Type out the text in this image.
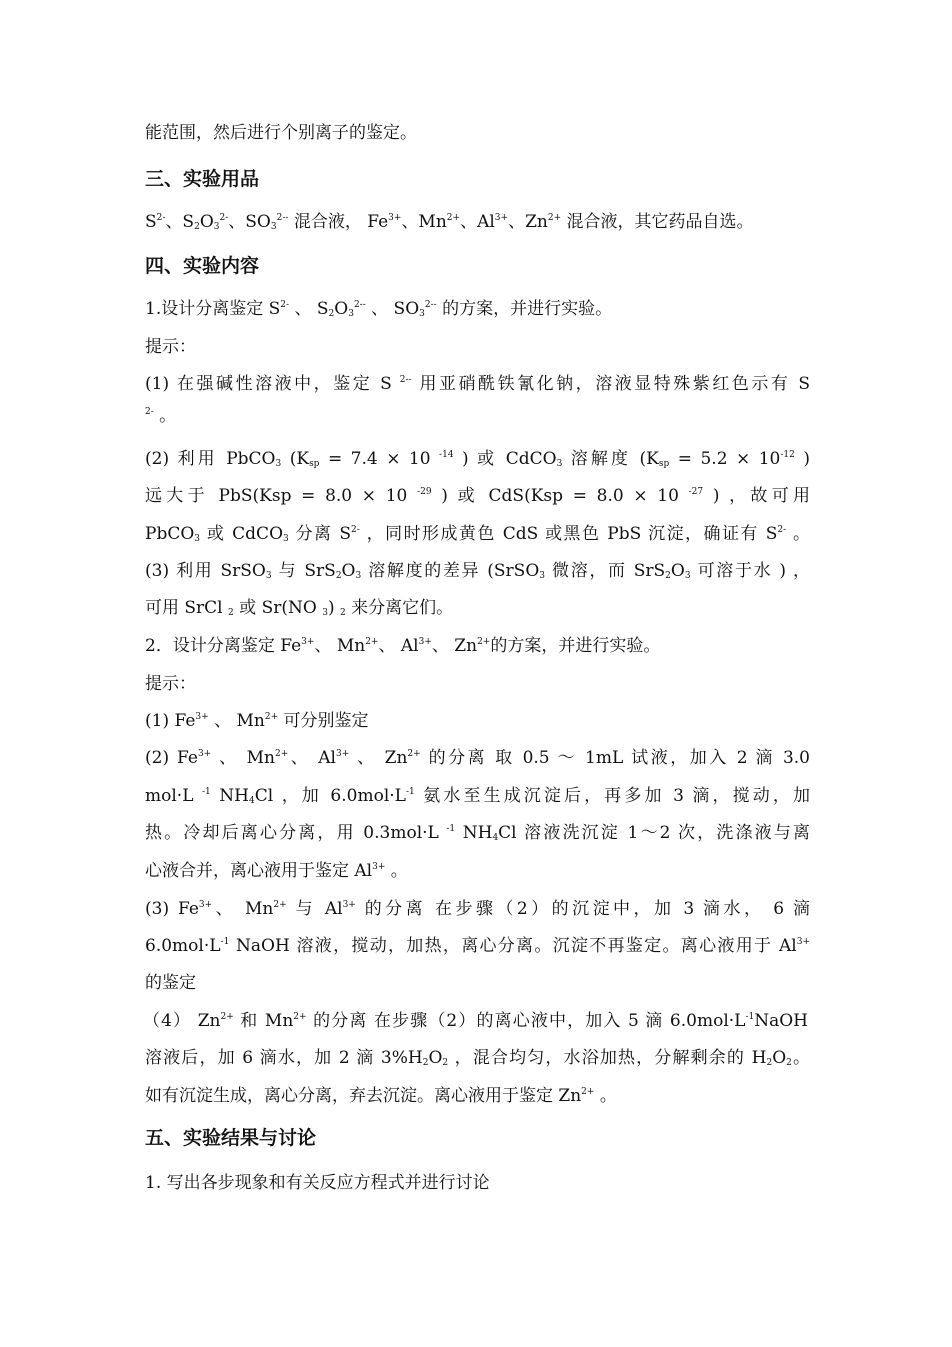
能范围，然后进行个别离子的鉴定。
三、实验用品
$S^{2-}$、$S_2O_3^{2-}$、$SO_3^{2--}$ 混合液， $Fe^{3+}$、$Mn^{2+}$、$Al^{3+}$、$Zn^{2+}$ 混合液，其它药品自选。
四、实验内容
1.设计分离鉴定 $S^{2-}$ 、 $S_2O_3^{2--}$ 、 $SO_3^{2--}$ 的方案，并进行实验。
提示：
(1) 在强碱性溶液中，鉴定 S $^{2--}$ 用亚硝酰铁氰化钠，溶液显特殊紫红色示有 S
$^{2-}$ 。
(2) 利用 PbCO$_3$ ($K_{sp} = 7.4 \times 10$ $^{-14}$ ) 或 CdCO$_3$ 溶解度 ($K_{sp} = 5.2 \times 10^{-12}$ )
远大于 PbS(Ksp = 8.0 × 10 $^{-29}$ ) 或 CdS(Ksp = 8.0 × 10 $^{-27}$ ) ，故可用
PbCO$_3$ 或 CdCO$_3$ 分离 $S^{2-}$ ，同时形成黄色 CdS 或黑色 PbS 沉淀，确证有 $S^{2-}$ 。
(3) 利用 SrSO$_3$ 与 $SrS_2O_3$ 溶解度的差异 (SrSO$_3$ 微溶，而 $SrS_2O_3$ 可溶于水 ) ，
可用 SrCl $_2$ 或 Sr(NO $_3$) $_2$ 来分离它们。
2．设计分离鉴定 $Fe^{3+}$、 $Mn^{2+}$、 $Al^{3+}$、 $Zn^{2+}$的方案，并进行实验。
提示：
(1) $Fe^{3+}$ 、 $Mn^{2+}$ 可分别鉴定
(2) $Fe^{3+}$ 、 $Mn^{2+}$、 $Al^{3+}$ 、 $Zn^{2+}$ 的分离 取 0.5 ～ 1mL 试液，加入 2 滴 3.0
mol·L $^{-1}$ $NH_4Cl$ ，加 $6.0mol\cdot L^{-1}$ 氨水至生成沉淀后，再多加 3 滴，搅动，加
热。冷却后离心分离，用 0.3mol·L $^{-1}$ $NH_4Cl$ 溶液洗沉淀 1～2 次，洗涤液与离
心液合并，离心液用于鉴定 $Al^{3+}$ 。
(3) $Fe^{3+}$、 $Mn^{2+}$ 与 $Al^{3+}$ 的分离 在步骤（2）的沉淀中，加 3 滴水， 6 滴
$6.0mol\cdot L^{-1}$ NaOH 溶液，搅动，加热，离心分离。沉淀不再鉴定。离心液用于 $Al^{3+}$
的鉴定
（4） $Zn^{2+}$ 和 $Mn^{2+}$ 的分离 在步骤（2）的离心液中，加入 5 滴 $6.0mol\cdot L^{-1}NaOH$
溶液后，加 6 滴水，加 2 滴 $3\%H_2O_2$ ，混合均匀，水浴加热，分解剩余的 $H_2O_2$。
如有沉淀生成，离心分离，弃去沉淀。离心液用于鉴定 $Zn^{2+}$ 。
五、实验结果与讨论
1. 写出各步现象和有关反应方程式并进行讨论
